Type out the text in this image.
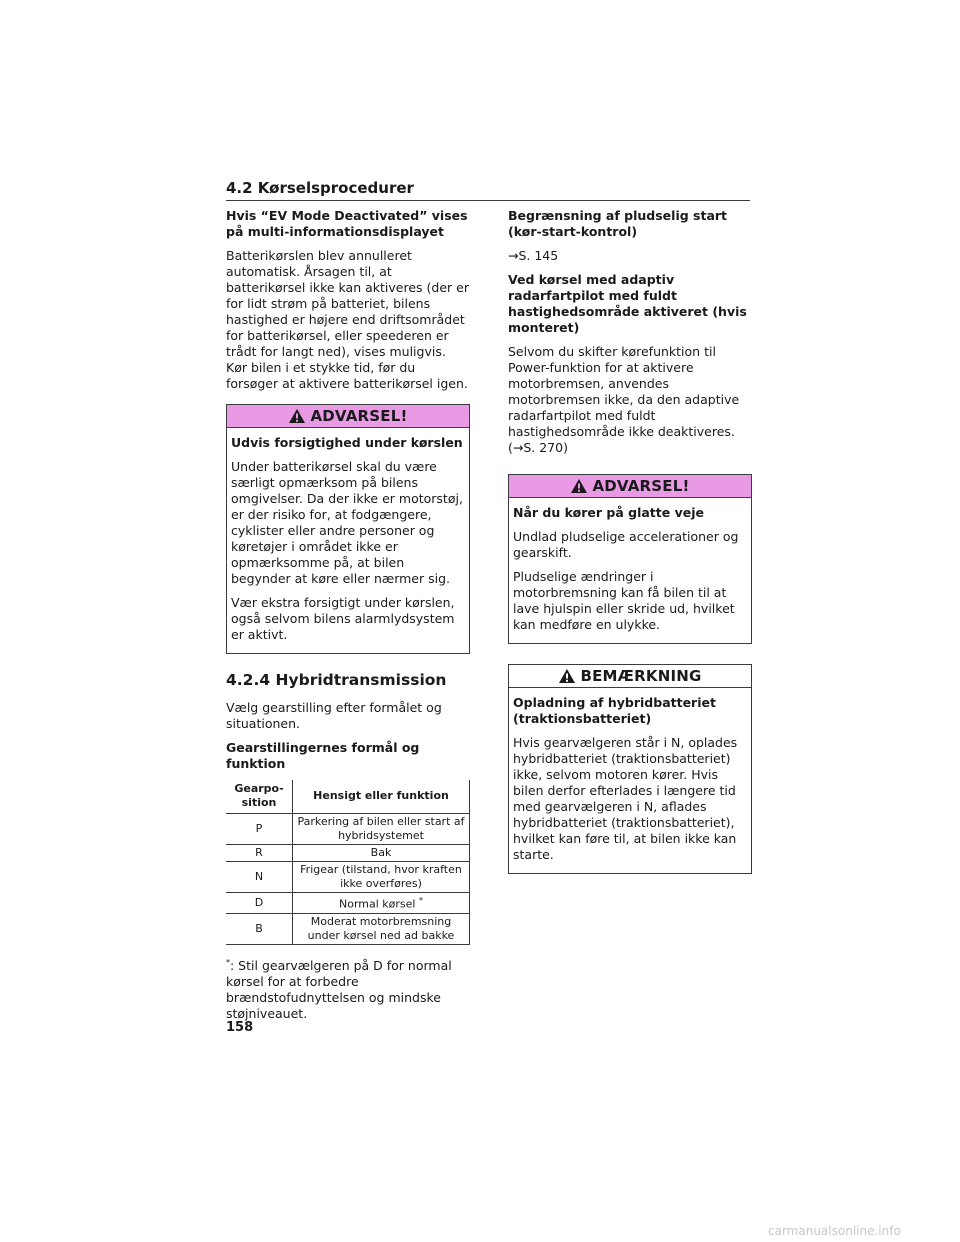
4.2 Kørselsprocedurer
Hvis “EV Mode Deactivated” vises på multi-informationsdisplayet

Batterikørslen blev annulleret automatisk. Årsagen til, at batterikørsel ikke kan aktiveres (der er for lidt strøm på batteriet, bilens hastighed er højere end driftsområdet for batterikørsel, eller speederen er trådt for langt ned), vises muligvis. Kør bilen i et stykke tid, før du forsøger at aktivere batterikørsel igen.

ADVARSEL!
Udvis forsigtighed under kørslen

Under batterikørsel skal du være særligt opmærksom på bilens omgivelser. Da der ikke er motorstøj, er der risiko for, at fodgængere, cyklister eller andre personer og køretøjer i området ikke er opmærksomme på, at bilen begynder at køre eller nærmer sig.

Vær ekstra forsigtigt under kørslen, også selvom bilens alarmlydsystem er aktivt.

4.2.4 Hybridtransmission

Vælg gearstilling efter formålet og situationen.

Gearstillingernes formål og funktion
Gearpo-sition	Hensigt eller funktion
P	Parkering af bilen eller start af hybridsystemet
R	Bak
N	Frigear (tilstand, hvor kraften ikke overføres)
D	Normal kørsel *
B	Moderat motorbremsning under kørsel ned ad bakke
*: Stil gearvælgeren på D for normal kørsel for at forbedre brændstofudnyttelsen og mindske støjniveauet.
Begrænsning af pludselig start (kør-start-kontrol)

→S. 145

Ved kørsel med adaptiv radarfartpilot med fuldt hastighedsområde aktiveret (hvis monteret)

Selvom du skifter kørefunktion til Power-funktion for at aktivere motorbremsen, anvendes motorbremsen ikke, da den adaptive radarfartpilot med fuldt hastighedsområde ikke deaktiveres. (→S. 270)

ADVARSEL!
Når du kører på glatte veje

Undlad pludselige accelerationer og gearskift.

Pludselige ændringer i motorbremsning kan få bilen til at lave hjulspin eller skride ud, hvilket kan medføre en ulykke.

BEMÆRKNING
Opladning af hybridbatteriet (traktionsbatteriet)

Hvis gearvælgeren står i N, oplades hybridbatteriet (traktionsbatteriet) ikke, selvom motoren kører. Hvis bilen derfor efterlades i længere tid med gearvælgeren i N, aflades hybridbatteriet (traktionsbatteriet), hvilket kan føre til, at bilen ikke kan starte.

158
carmanualsonline.info
